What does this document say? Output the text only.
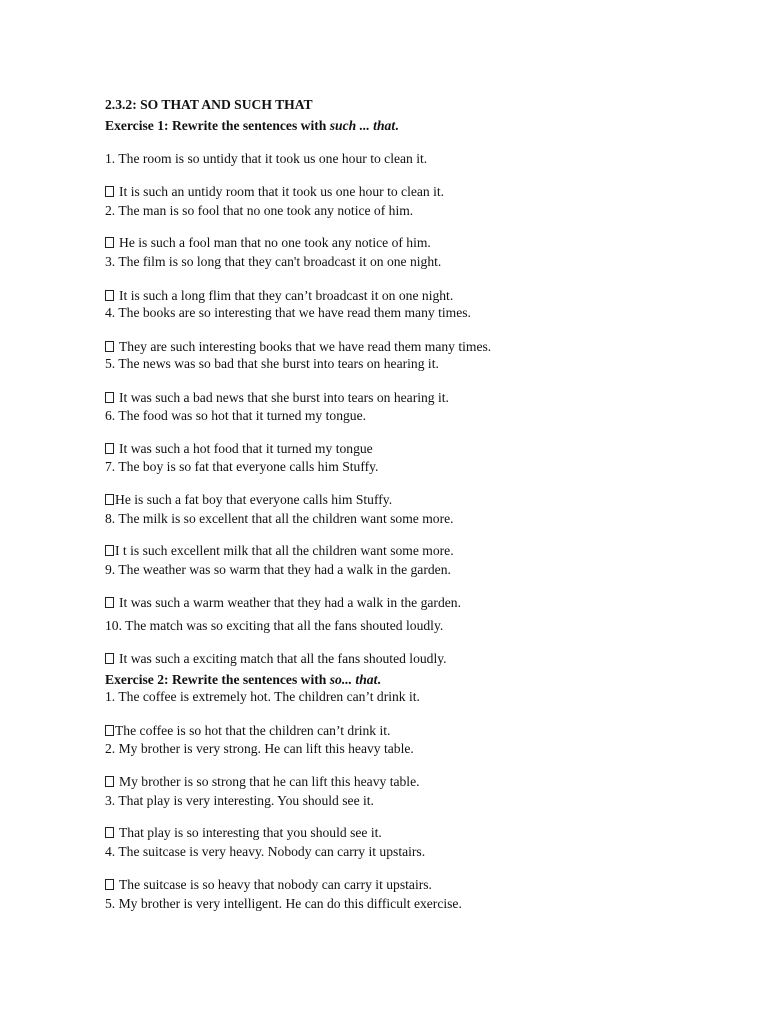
2.3.2: SO THAT AND SUCH THAT
Exercise 1: Rewrite the sentences with such ... that.
1. The room is so untidy that it took us one hour to clean it.
It is such an untidy room that it took us one hour to clean it.
2. The man is so fool that no one took any notice of him.
He is such a fool man that no one took any notice of him.
3. The film is so long that they can't broadcast it on one night.
It is such a long flim that they can’t broadcast it on one night.
4. The books are so interesting that we have read them many times.
They are such interesting books that we have read them many times.
5. The news was so bad that she burst into tears on hearing it.
It was such a bad news that she burst into tears on hearing it.
6. The food was so hot that it turned my tongue.
It was such a hot food that it turned my tongue
7. The boy is so fat that everyone calls him Stuffy.
He is such a fat boy that everyone calls him Stuffy.
8. The milk is so excellent that all the children want some more.
I t is such excellent milk that all the children want some more.
9. The weather was so warm that they had a walk in the garden.
It was such a warm weather that they had a walk in the garden.
10. The match was so exciting that all the fans shouted loudly.
It was such a exciting match that all the fans shouted loudly.
Exercise 2: Rewrite the sentences with so... that.
1. The coffee is extremely hot. The children can’t drink it.
The coffee is so hot that the children can’t drink it.
2. My brother is very strong. He can lift this heavy table.
My brother is so strong that he can lift this heavy table.
3. That play is very interesting. You should see it.
That play is so interesting that you should see it.
4. The suitcase is very heavy. Nobody can carry it upstairs.
The suitcase is so heavy that nobody can carry it upstairs.
5. My brother is very intelligent. He can do this difficult exercise.
